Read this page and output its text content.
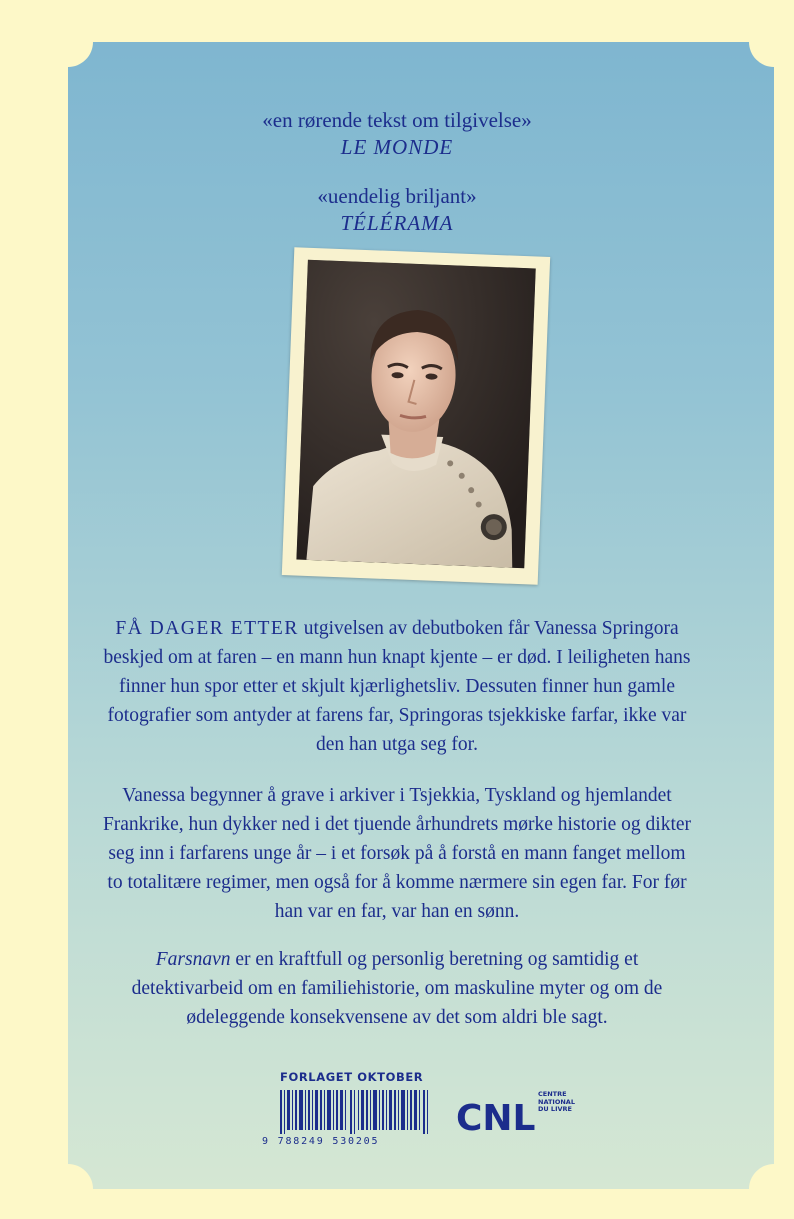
«en rørende tekst om tilgivelse»
LE MONDE
«uendelig briljant»
TÉLÉRAMA

FÅ DAGER ETTER utgivelsen av debutboken får Vanessa Springora beskjed om at faren – en mann hun knapt kjente – er død. I leiligheten hans finner hun spor etter et skjult kjærlighetsliv. Dessuten finner hun gamle fotografier som antyder at farens far, Springoras tsjekkiske farfar, ikke var den han utga seg for.

Vanessa begynner å grave i arkiver i Tsjekkia, Tyskland og hjemlandet Frankrike, hun dykker ned i det tjuende århundrets mørke historie og dikter seg inn i farfarens unge år – i et forsøk på å forstå en mann fanget mellom to totalitære regimer, men også for å komme nærmere sin egen far. For før han var en far, var han en sønn.

Farsnavn er en kraftfull og personlig beretning og samtidig et detektivarbeid om en familiehistorie, om maskuline myter og om de ødeleggende konsekvensene av det som aldri ble sagt.

FORLAGET OKTOBER
9 788249 530205
CNL
CENTRE
NATIONAL
DU LIVRE
